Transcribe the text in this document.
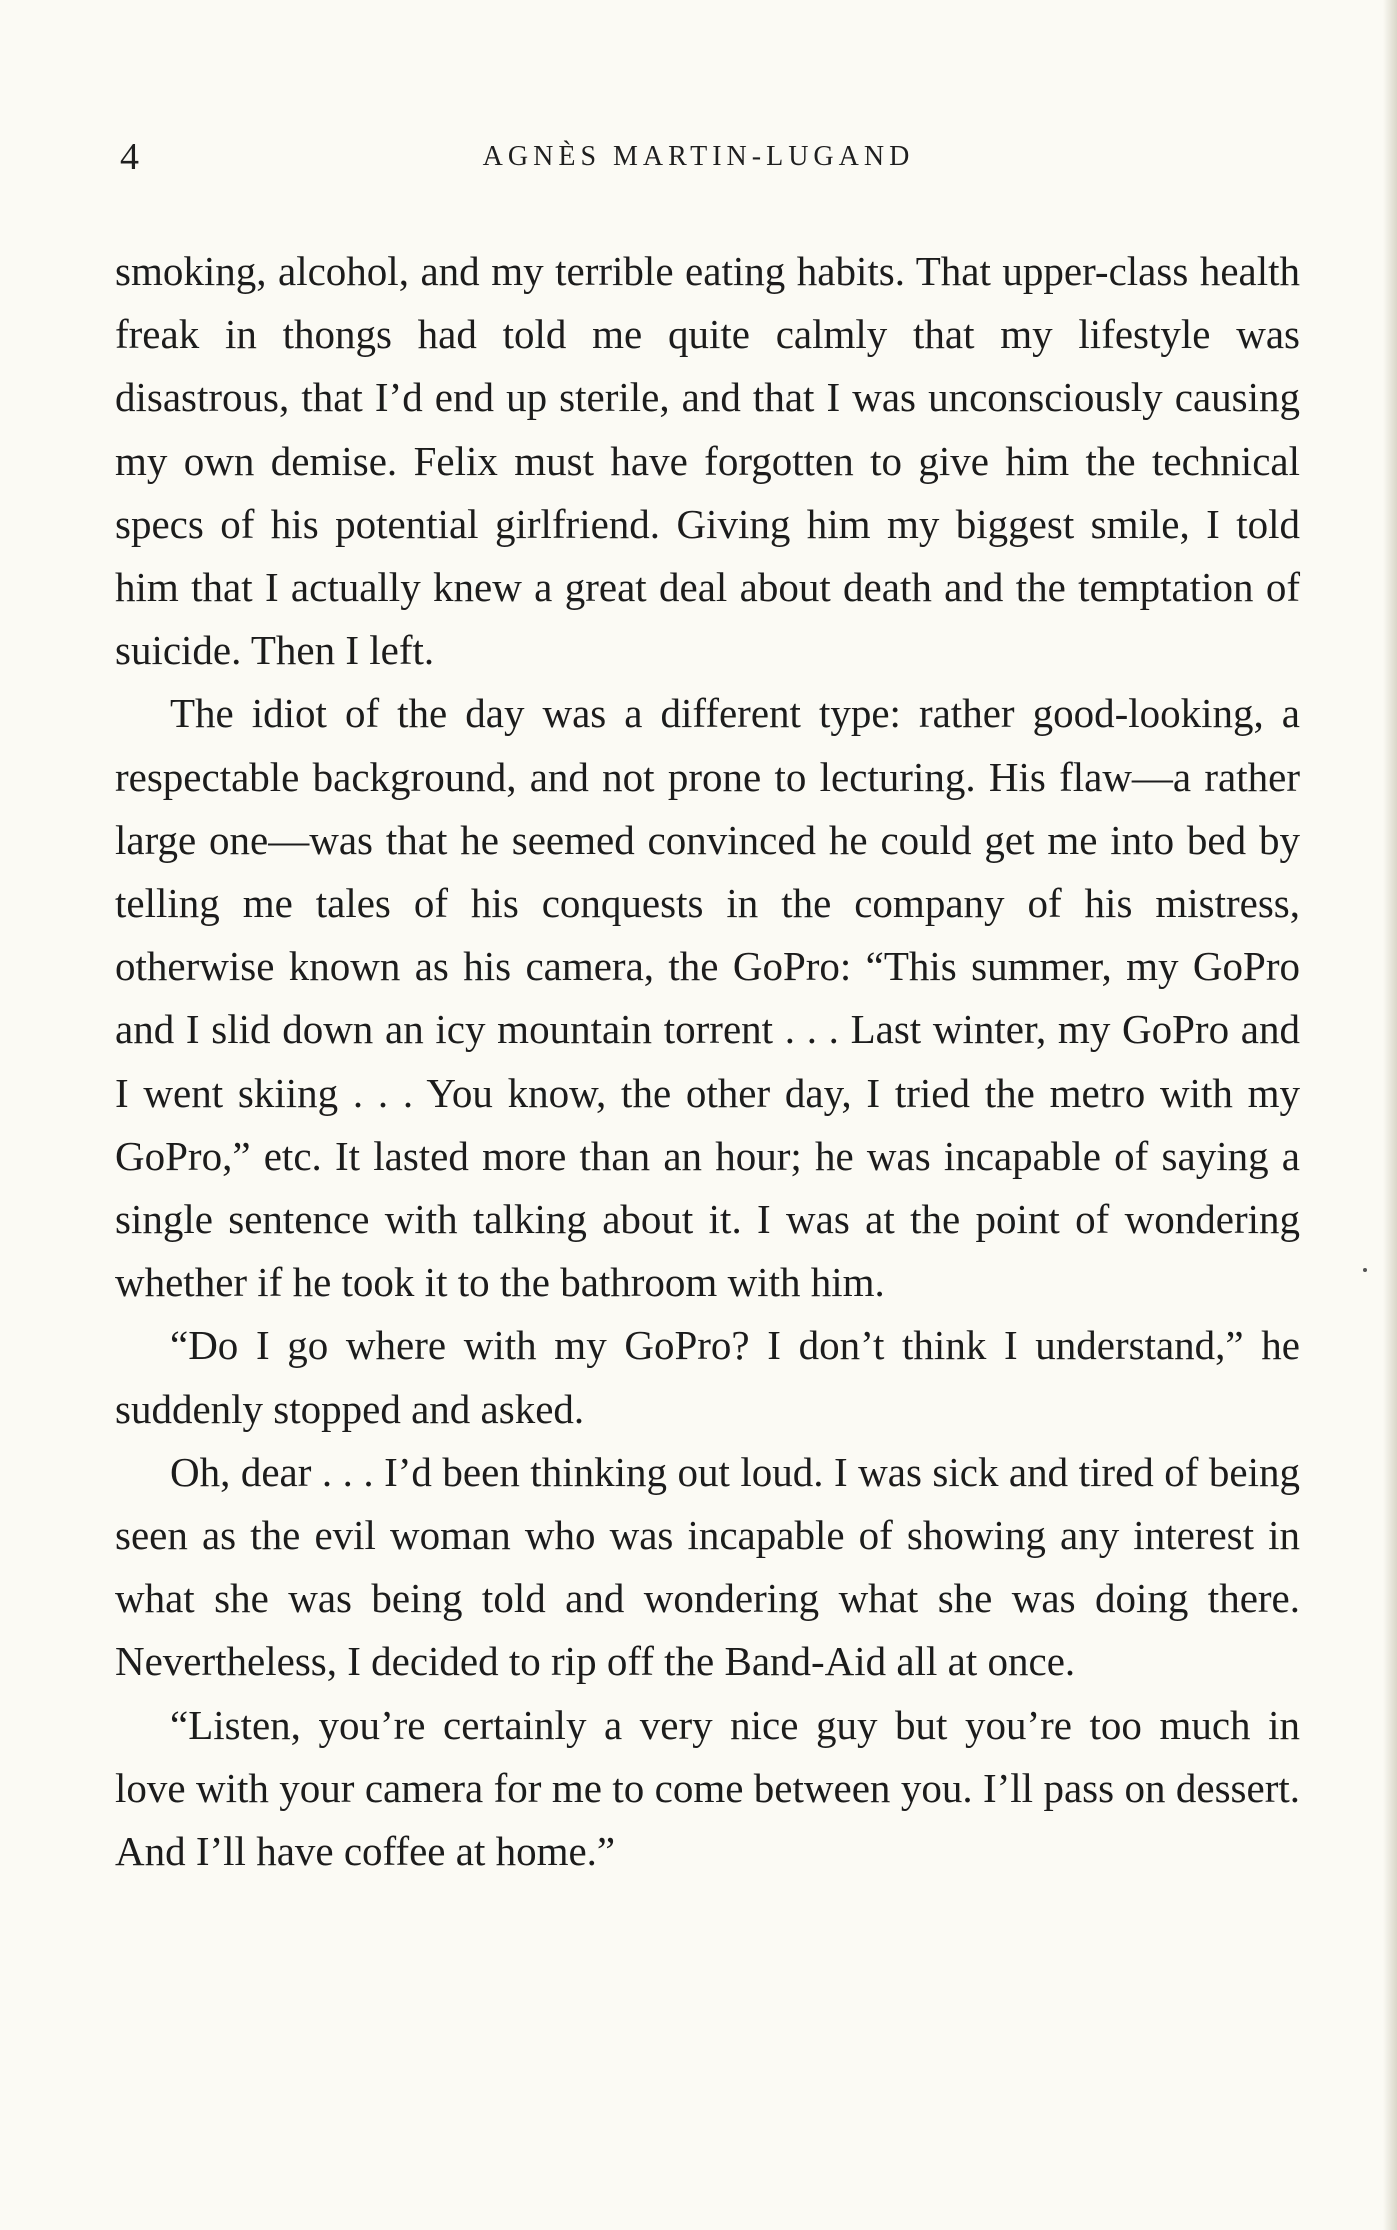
4	AGNÈS MARTIN-LUGAND

smoking, alcohol, and my terrible eating habits. That upper-class health freak in thongs had told me quite calmly that my lifestyle was disastrous, that I’d end up sterile, and that I was unconsciously causing my own demise. Felix must have forgotten to give him the technical specs of his potential girlfriend. Giving him my biggest smile, I told him that I actually knew a great deal about death and the temptation of suicide. Then I left.

The idiot of the day was a different type: rather good-looking, a respectable background, and not prone to lecturing. His flaw—a rather large one—was that he seemed convinced he could get me into bed by telling me tales of his conquests in the company of his mistress, otherwise known as his camera, the GoPro: “This summer, my GoPro and I slid down an icy mountain torrent . . . Last winter, my GoPro and I went skiing . . . You know, the other day, I tried the metro with my GoPro,” etc. It lasted more than an hour; he was incapable of saying a single sentence with talking about it. I was at the point of wondering whether if he took it to the bathroom with him.

“Do I go where with my GoPro? I don’t think I understand,” he suddenly stopped and asked.

Oh, dear . . . I’d been thinking out loud. I was sick and tired of being seen as the evil woman who was incapable of showing any interest in what she was being told and wondering what she was doing there. Nevertheless, I decided to rip off the Band-Aid all at once.

“Listen, you’re certainly a very nice guy but you’re too much in love with your camera for me to come between you. I’ll pass on dessert. And I’ll have coffee at home.”
